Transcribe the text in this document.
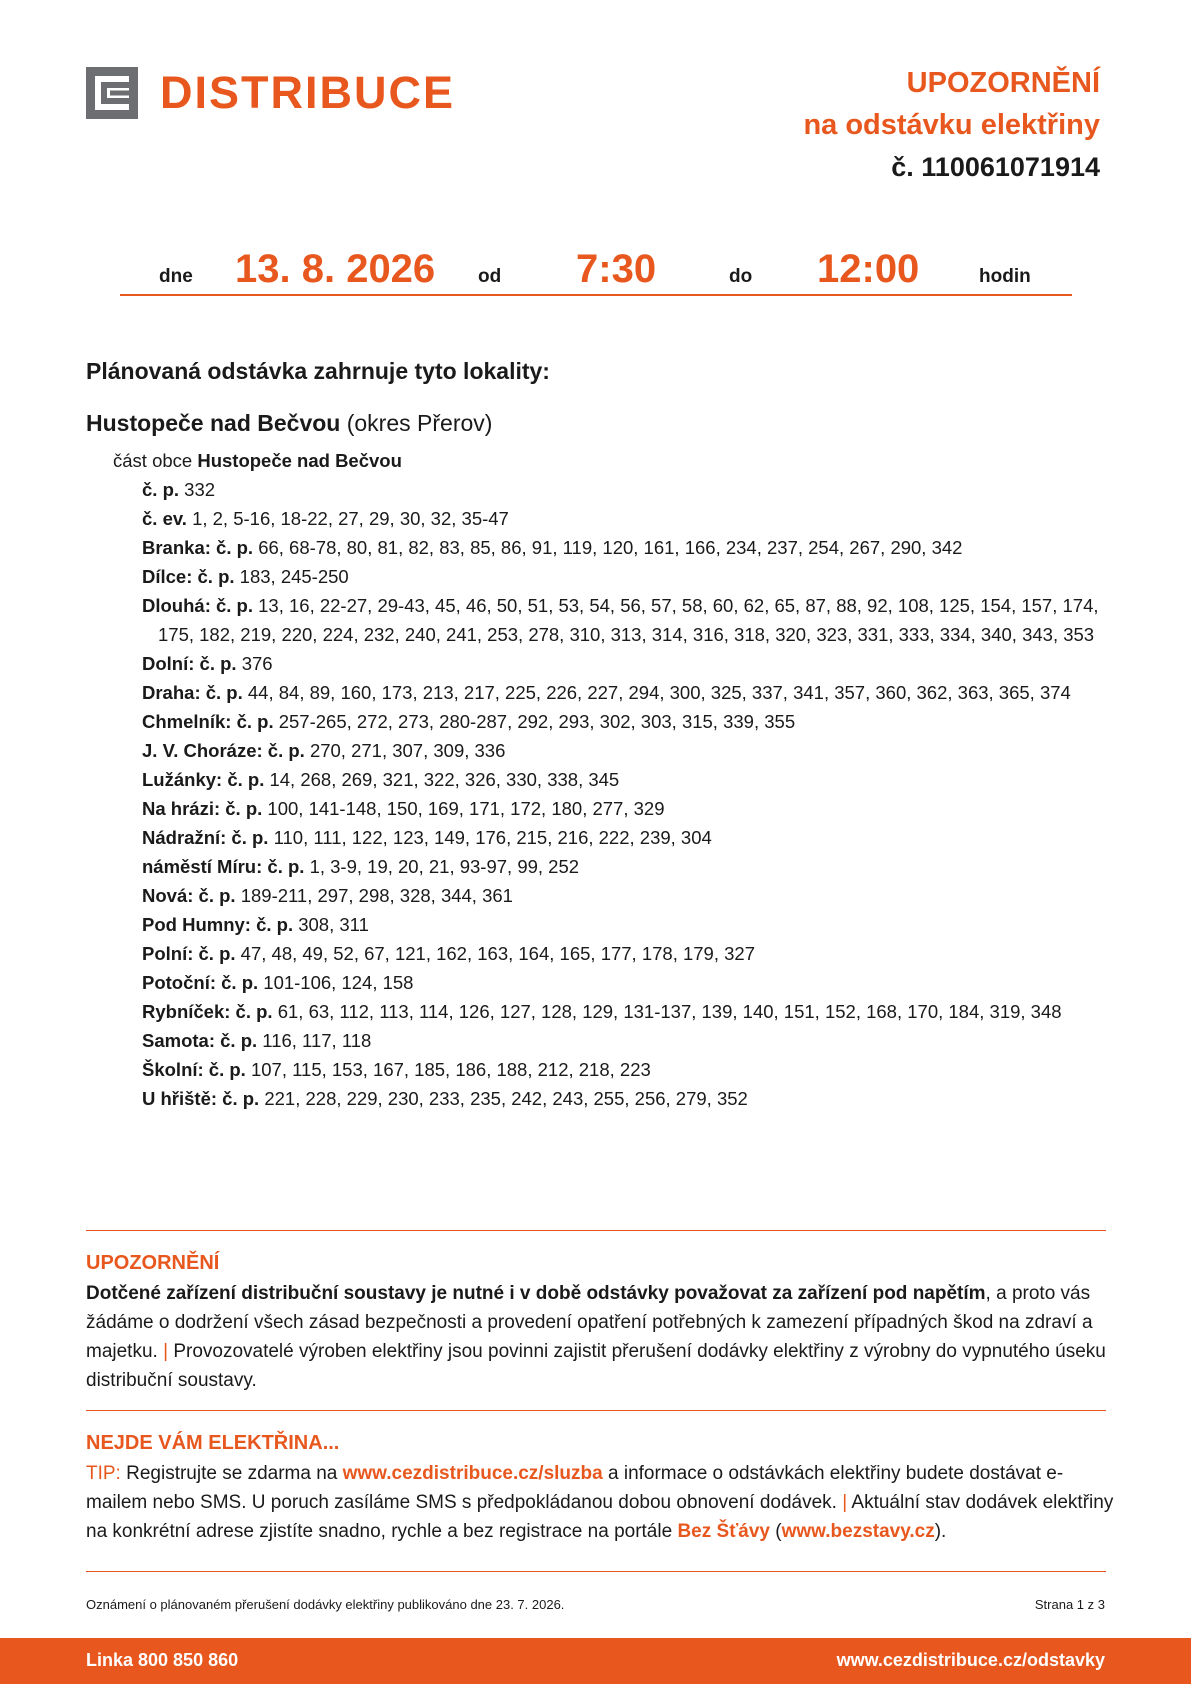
DISTRIBUCE	UPOZORNĚNÍ
na odstávku elektřiny
č. 110061071914
dne 13. 8. 2026 od 7:30	do 12:00	hodin
Plánovaná odstávka zahrnuje tyto lokality:
Hustopeče nad Bečvou (okres Přerov)
část obce Hustopeče nad Bečvou
č. p. 332
č. ev. 1, 2, 5-16, 18-22, 27, 29, 30, 32, 35-47
Branka: č. p. 66, 68-78, 80, 81, 82, 83, 85, 86, 91, 119, 120, 161, 166, 234, 237, 254, 267, 290, 342
Dílce: č. p. 183, 245-250
Dlouhá: č. p. 13, 16, 22-27, 29-43, 45, 46, 50, 51, 53, 54, 56, 57, 58, 60, 62, 65, 87, 88, 92, 108, 125, 154, 157, 174, 175, 182, 219, 220, 224, 232, 240, 241, 253, 278, 310, 313, 314, 316, 318, 320, 323, 331, 333, 334, 340, 343, 353
Dolní: č. p. 376
Draha: č. p. 44, 84, 89, 160, 173, 213, 217, 225, 226, 227, 294, 300, 325, 337, 341, 357, 360, 362, 363, 365, 374
Chmelník: č. p. 257-265, 272, 273, 280-287, 292, 293, 302, 303, 315, 339, 355
J. V. Choráze: č. p. 270, 271, 307, 309, 336
Lužánky: č. p. 14, 268, 269, 321, 322, 326, 330, 338, 345
Na hrázi: č. p. 100, 141-148, 150, 169, 171, 172, 180, 277, 329
Nádražní: č. p. 110, 111, 122, 123, 149, 176, 215, 216, 222, 239, 304
náměstí Míru: č. p. 1, 3-9, 19, 20, 21, 93-97, 99, 252
Nová: č. p. 189-211, 297, 298, 328, 344, 361
Pod Humny: č. p. 308, 311
Polní: č. p. 47, 48, 49, 52, 67, 121, 162, 163, 164, 165, 177, 178, 179, 327
Potoční: č. p. 101-106, 124, 158
Rybníček: č. p. 61, 63, 112, 113, 114, 126, 127, 128, 129, 131-137, 139, 140, 151, 152, 168, 170, 184, 319, 348
Samota: č. p. 116, 117, 118
Školní: č. p. 107, 115, 153, 167, 185, 186, 188, 212, 218, 223
U hřiště: č. p. 221, 228, 229, 230, 233, 235, 242, 243, 255, 256, 279, 352
UPOZORNĚNÍ
Dotčené zařízení distribuční soustavy je nutné i v době odstávky považovat za zařízení pod napětím, a proto vás žádáme o dodržení všech zásad bezpečnosti a provedení opatření potřebných k zamezení případných škod na zdraví a majetku. | Provozovatelé výroben elektřiny jsou povinni zajistit přerušení dodávky elektřiny z výrobny do vypnutého úseku distribuční soustavy.
NEJDE VÁM ELEKTŘINA...
TIP: Registrujte se zdarma na www.cezdistribuce.cz/sluzba a informace o odstávkách elektřiny budete dostávat e-mailem nebo SMS. U poruch zasíláme SMS s předpokládanou dobou obnovení dodávek. | Aktuální stav dodávek elektřiny na konkrétní adrese zjistíte snadno, rychle a bez registrace na portále Bez Šťávy (www.bezstavy.cz).
Oznámení o plánovaném přerušení dodávky elektřiny publikováno dne 23. 7. 2026.	Strana 1 z 3
Linka 800 850 860	www.cezdistribuce.cz/odstavky
